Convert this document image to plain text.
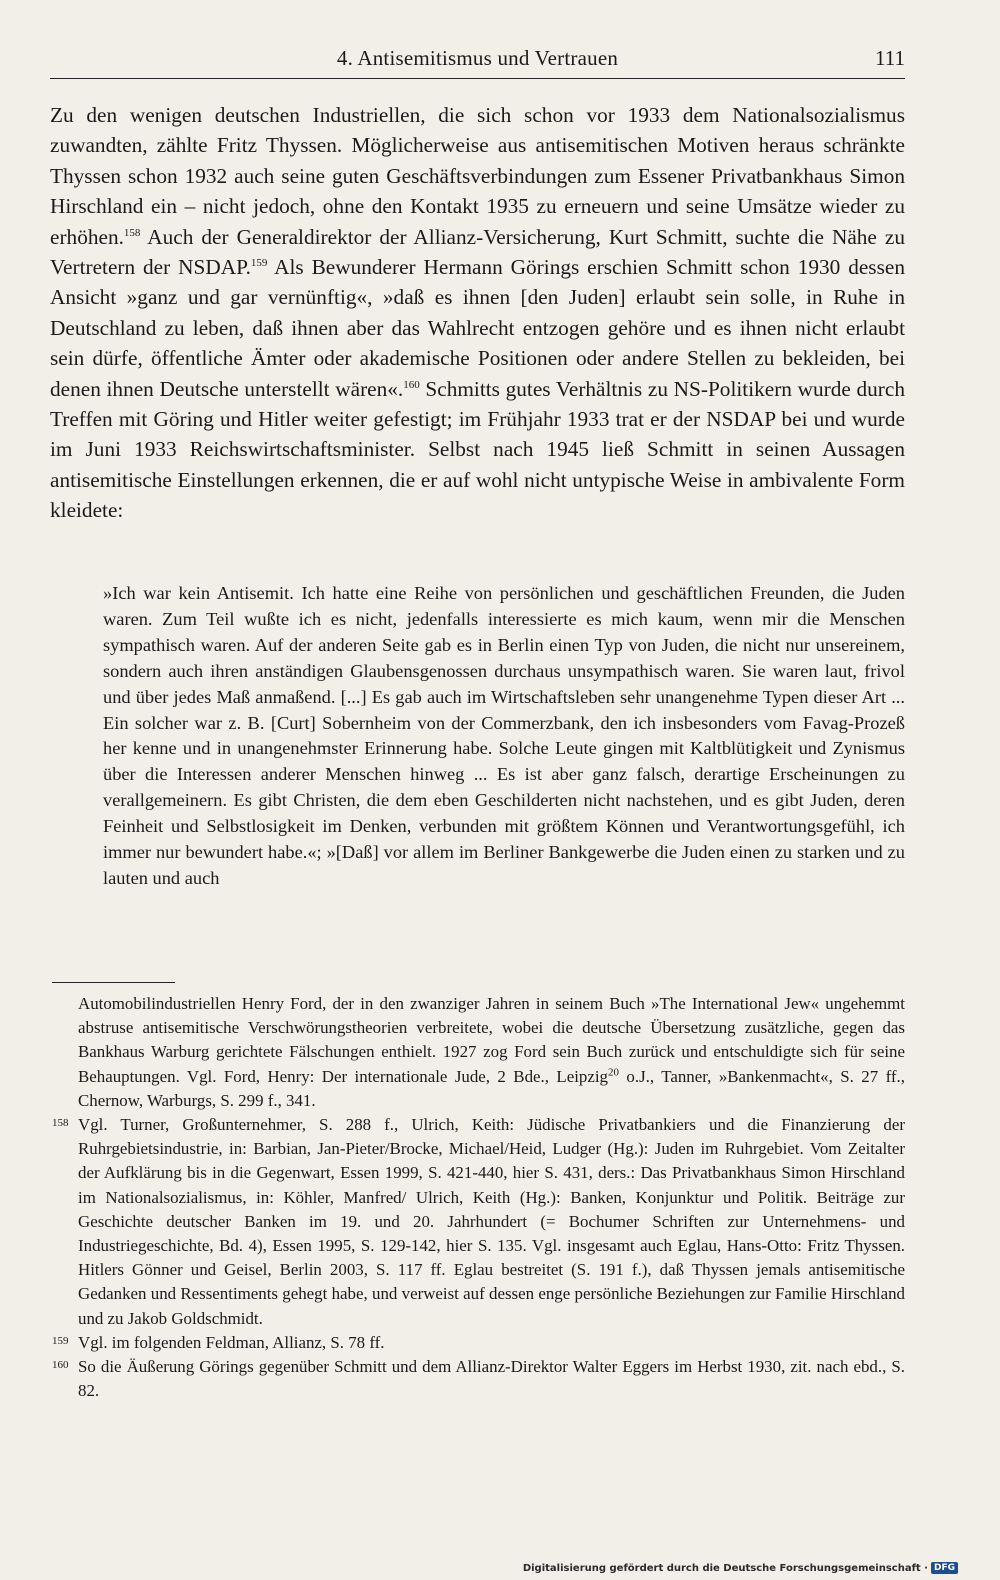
4. Antisemitismus und Vertrauen	111

Zu den wenigen deutschen Industriellen, die sich schon vor 1933 dem Nationalsozialismus zuwandten, zählte Fritz Thyssen. Möglicherweise aus antisemitischen Motiven heraus schränkte Thyssen schon 1932 auch seine guten Geschäftsverbindungen zum Essener Privatbankhaus Simon Hirschland ein – nicht jedoch, ohne den Kontakt 1935 zu erneuern und seine Umsätze wieder zu erhöhen.$^{158}$ Auch der Generaldirektor der Allianz-Versicherung, Kurt Schmitt, suchte die Nähe zu Vertretern der NSDAP.$^{159}$ Als Bewunderer Hermann Görings erschien Schmitt schon 1930 dessen Ansicht »ganz und gar vernünftig«, »daß es ihnen [den Juden] erlaubt sein solle, in Ruhe in Deutschland zu leben, daß ihnen aber das Wahlrecht entzogen gehöre und es ihnen nicht erlaubt sein dürfe, öffentliche Ämter oder akademische Positionen oder andere Stellen zu bekleiden, bei denen ihnen Deutsche unterstellt wären«.$^{160}$ Schmitts gutes Verhältnis zu NS-Politikern wurde durch Treffen mit Göring und Hitler weiter gefestigt; im Frühjahr 1933 trat er der NSDAP bei und wurde im Juni 1933 Reichswirtschaftsminister. Selbst nach 1945 ließ Schmitt in seinen Aussagen antisemitische Einstellungen erkennen, die er auf wohl nicht untypische Weise in ambivalente Form kleidete:

»Ich war kein Antisemit. Ich hatte eine Reihe von persönlichen und geschäftlichen Freunden, die Juden waren. Zum Teil wußte ich es nicht, jedenfalls interessierte es mich kaum, wenn mir die Menschen sympathisch waren. Auf der anderen Seite gab es in Berlin einen Typ von Juden, die nicht nur unsereinem, sondern auch ihren anständigen Glaubensgenossen durchaus unsympathisch waren. Sie waren laut, frivol und über jedes Maß anmaßend. [...] Es gab auch im Wirtschaftsleben sehr unangenehme Typen dieser Art ... Ein solcher war z. B. [Curt] Sobernheim von der Commerzbank, den ich insbesonders vom Favag-Prozeß her kenne und in unangenehmster Erinnerung habe. Solche Leute gingen mit Kaltblütigkeit und Zynismus über die Interessen anderer Menschen hinweg ... Es ist aber ganz falsch, derartige Erscheinungen zu verallgemeinern. Es gibt Christen, die dem eben Geschilderten nicht nachstehen, und es gibt Juden, deren Feinheit und Selbstlosigkeit im Denken, verbunden mit größtem Können und Verantwortungsgefühl, ich immer nur bewundert habe.«; »[Daß] vor allem im Berliner Bankgewerbe die Juden einen zu starken und zu lauten und auch

Automobilindustriellen Henry Ford, der in den zwanziger Jahren in seinem Buch »The International Jew« ungehemmt abstruse antisemitische Verschwörungstheorien verbreitete, wobei die deutsche Übersetzung zusätzliche, gegen das Bankhaus Warburg gerichtete Fälschungen enthielt. 1927 zog Ford sein Buch zurück und entschuldigte sich für seine Behauptungen. Vgl. Ford, Henry: Der internationale Jude, 2 Bde., Leipzig$^{20}$ o.J., Tanner, »Bankenmacht«, S. 27 ff., Chernow, Warburgs, S. 299 f., 341.

158 Vgl. Turner, Großunternehmer, S. 288 f., Ulrich, Keith: Jüdische Privatbankiers und die Finanzierung der Ruhrgebietsindustrie, in: Barbian, Jan-Pieter/Brocke, Michael/Heid, Ludger (Hg.): Juden im Ruhrgebiet. Vom Zeitalter der Aufklärung bis in die Gegenwart, Essen 1999, S. 421-440, hier S. 431, ders.: Das Privatbankhaus Simon Hirschland im Nationalsozialismus, in: Köhler, Manfred/ Ulrich, Keith (Hg.): Banken, Konjunktur und Politik. Beiträge zur Geschichte deutscher Banken im 19. und 20. Jahrhundert (= Bochumer Schriften zur Unternehmens- und Industriegeschichte, Bd. 4), Essen 1995, S. 129-142, hier S. 135. Vgl. insgesamt auch Eglau, Hans-Otto: Fritz Thyssen. Hitlers Gönner und Geisel, Berlin 2003, S. 117 ff. Eglau bestreitet (S. 191 f.), daß Thyssen jemals antisemitische Gedanken und Ressentiments gehegt habe, und verweist auf dessen enge persönliche Beziehungen zur Familie Hirschland und zu Jakob Goldschmidt.

159 Vgl. im folgenden Feldman, Allianz, S. 78 ff.

160 So die Äußerung Görings gegenüber Schmitt und dem Allianz-Direktor Walter Eggers im Herbst 1930, zit. nach ebd., S. 82.

Digitalisierung gefördert durch die Deutsche Forschungsgemeinschaft · DFG
